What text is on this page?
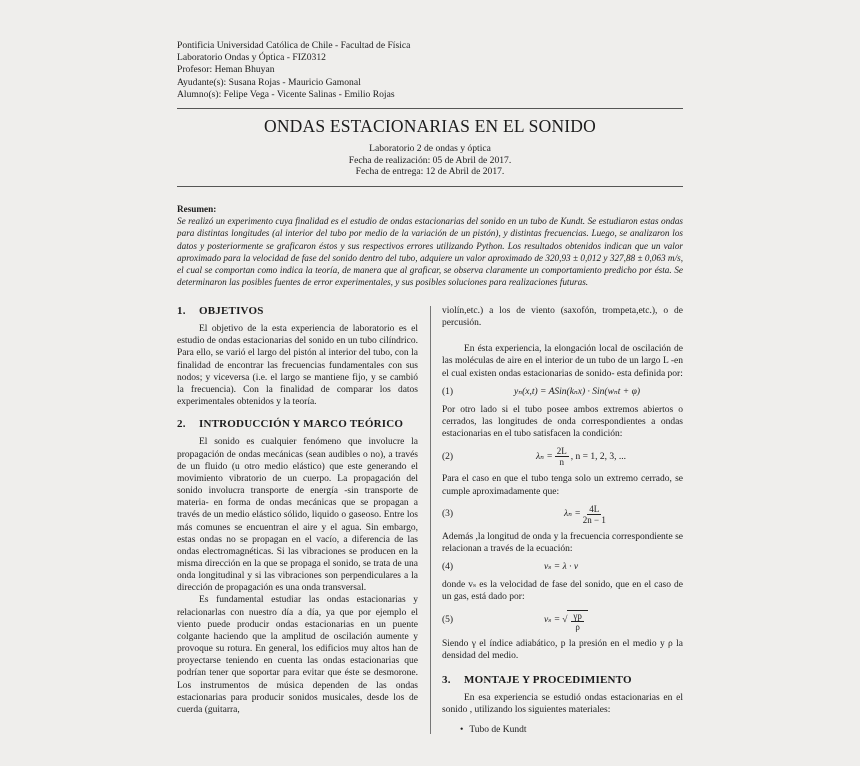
Pontificia Universidad Católica de Chile - Facultad de Física
Laboratorio Ondas y Óptica - FIZ0312
Profesor: Heman Bhuyan
Ayudante(s): Susana Rojas - Mauricio Gamonal
Alumno(s): Felipe Vega - Vicente Salinas - Emilio Rojas
ONDAS ESTACIONARIAS EN EL SONIDO
Laboratorio 2 de ondas y óptica
Fecha de realización: 05 de Abril de 2017.
Fecha de entrega: 12 de Abril de 2017.
Resumen:
Se realizó un experimento cuya finalidad es el estudio de ondas estacionarias del sonido en un tubo de Kundt. Se estudiaron estas ondas para distintas longitudes (al interior del tubo por medio de la variación de un pistón), y distintas frecuencias. Luego, se analizaron los datos y posteriormente se graficaron éstos y sus respectivos errores utilizando Python. Los resultados obtenidos indican que un valor aproximado para la velocidad de fase del sonido dentro del tubo, adquiere un valor aproximado de 320,93 ± 0,012 y 327,88 ± 0,063 m/s, el cual se comportan como indica la teoría, de manera que al graficar, se observa claramente un comportamiento predicho por ésta. Se determinaron las posibles fuentes de error experimentales, y sus posibles soluciones para realizaciones futuras.
1. OBJETIVOS

El objetivo de la esta experiencia de laboratorio es el estudio de ondas estacionarias del sonido en un tubo cilíndrico. Para ello, se varió el largo del pistón al interior del tubo, con la finalidad de encontrar las frecuencias fundamentales con sus nodos; y viceversa (i.e. el largo se mantiene fijo, y se cambió la frecuencia). Con la finalidad de comparar los datos experimentales obtenidos y la teoría.

2. INTRODUCCIÓN Y MARCO TEÓRICO

El sonido es cualquier fenómeno que involucre la propagación de ondas mecánicas (sean audibles o no), a través de un fluido (u otro medio elástico) que este generando el movimiento vibratorio de un cuerpo. La propagación del sonido involucra transporte de energía -sin transporte de materia- en forma de ondas mecánicas que se propagan a través de un medio elástico sólido, liquido o gaseoso. Entre los más comunes se encuentran el aire y el agua. Sin embargo, estas ondas no se propagan en el vacío, a diferencia de las ondas electromagnéticas. Si las vibraciones se producen en la misma dirección en la que se propaga el sonido, se trata de una onda longitudinal y si las vibraciones son perpendiculares a la dirección de propagación es una onda transversal.

Es fundamental estudiar las ondas estacionarias y relacionarlas con nuestro día a día, ya que por ejemplo el viento puede producir ondas estacionarias en un puente colgante haciendo que la amplitud de oscilación aumente y provoque su rotura. En general, los edificios muy altos han de proyectarse teniendo en cuenta las ondas estacionarias que podrían tener que soportar para evitar que éste se desmorone. Los instrumentos de música dependen de las ondas estacionarias para producir sonidos musicales, desde los de cuerda (guitarra,

violín,etc.) a los de viento (saxofón, trompeta,etc.), o de percusión.

En ésta experiencia, la elongación local de oscilación de las moléculas de aire en el interior de un tubo de un largo L -en el cual existen ondas estacionarias de sonido- esta definida por:

(1)	yₙ(x,t) = ASin(kₙx) · Sin(wₙt + φ)

Por otro lado si el tubo posee ambos extremos abiertos o cerrados, las longitudes de onda correspondientes a ondas estacionarias en el tubo satisfacen la condición:

(2)	$\lambda_n = \frac{2L}{n}$ , n = 1, 2, 3, ...

Para el caso en que el tubo tenga solo un extremo cerrado, se cumple aproximadamente que:

(3)	$\lambda_n = \frac{4L}{2n - 1}$

Además ,la longitud de onda y la frecuencia correspondiente se relacionan a través de la ecuación:

(4)	vₛ = λ · ν

donde vₛ es la velocidad de fase del sonido, que en el caso de un gas, está dado por:

(5)	vₛ = √ $\frac{\gamma p}{\rho}$

Siendo γ el índice adiabático, p la presión en el medio y ρ la densidad del medio.

3. MONTAJE Y PROCEDIMIENTO

En esa experiencia se estudió ondas estacionarias en el sonido , utilizando los siguientes materiales:

• Tubo de Kundt
